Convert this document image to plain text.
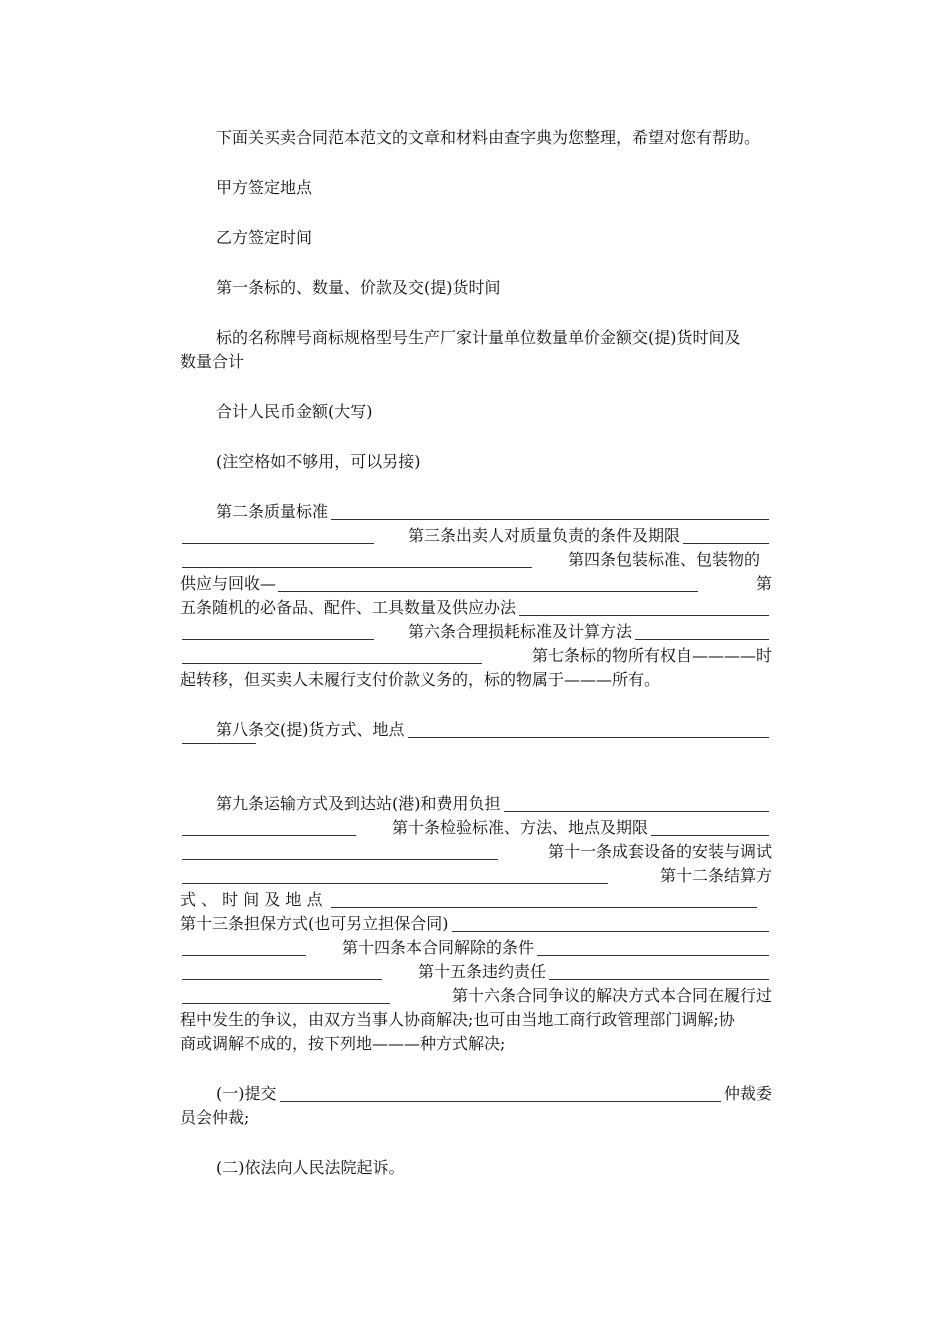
下面关买卖合同范本范文的文章和材料由查字典为您整理，希望对您有帮助。
甲方签定地点
乙方签定时间
第一条标的、数量、价款及交(提)货时间
标的名称牌号商标规格型号生产厂家计量单位数量单价金额交(提)货时间及
数量合计
合计人民币金额(大写)
(注空格如不够用，可以另接)
第二条质量标准
第三条出卖人对质量负责的条件及期限
第四条包装标准、包装物的
供应与回收—	第
五条随机的必备品、配件、工具数量及供应办法
第六条合理损耗标准及计算方法
第七条标的物所有权自————时
起转移，但买卖人未履行支付价款义务的，标的物属于———所有。
第八条交(提)货方式、地点
第九条运输方式及到达站(港)和费用负担
第十条检验标准、方法、地点及期限
第十一条成套设备的安装与调试
第十二条结算方
式 、 时 间 及 地 点
第十三条担保方式(也可另立担保合同)
第十四条本合同解除的条件
第十五条违约责任
第十六条合同争议的解决方式本合同在履行过
程中发生的争议，由双方当事人协商解决;也可由当地工商行政管理部门调解;协
商或调解不成的，按下列地———种方式解决;
(一)提交	仲裁委
员会仲裁;
(二)依法向人民法院起诉。
